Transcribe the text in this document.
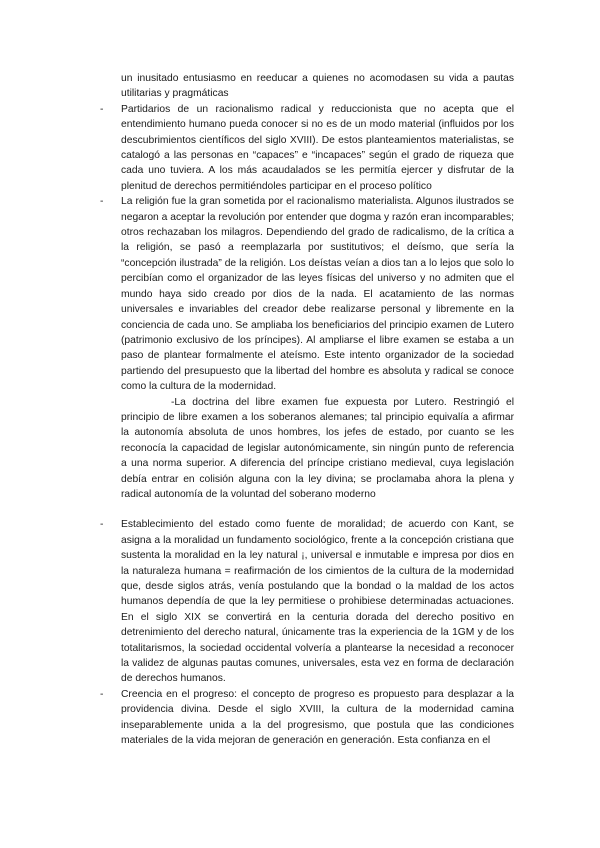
un inusitado entusiasmo en reeducar a quienes no acomodasen su vida a pautas utilitarias y pragmáticas

- Partidarios de un racionalismo radical y reduccionista que no acepta que el entendimiento humano pueda conocer si no es de un modo material (influidos por los descubrimientos científicos del siglo XVIII). De estos planteamientos materialistas, se catalogó a las personas en “capaces” e “incapaces” según el grado de riqueza que cada uno tuviera. A los más acaudalados se les permitía ejercer y disfrutar de la plenitud de derechos permitiéndoles participar en el proceso político

- La religión fue la gran sometida por el racionalismo materialista. Algunos ilustrados se negaron a aceptar la revolución por entender que dogma y razón eran incomparables; otros rechazaban los milagros. Dependiendo del grado de radicalismo, de la crítica a la religión, se pasó a reemplazarla por sustitutivos; el deísmo, que sería la “concepción ilustrada” de la religión. Los deístas veían a dios tan a lo lejos que solo lo percibían como el organizador de las leyes físicas del universo y no admiten que el mundo haya sido creado por dios de la nada. El acatamiento de las normas universales e invariables del creador debe realizarse personal y libremente en la conciencia de cada uno. Se ampliaba los beneficiarios del principio examen de Lutero (patrimonio exclusivo de los príncipes). Al ampliarse el libre examen se estaba a un paso de plantear formalmente el ateísmo. Este intento organizador de la sociedad partiendo del presupuesto que la libertad del hombre es absoluta y radical se conoce como la cultura de la modernidad.

-La doctrina del libre examen fue expuesta por Lutero. Restringió el principio de libre examen a los soberanos alemanes; tal principio equivalía a afirmar la autonomía absoluta de unos hombres, los jefes de estado, por cuanto se les reconocía la capacidad de legislar autonómicamente, sin ningún punto de referencia a una norma superior. A diferencia del príncipe cristiano medieval, cuya legislación debía entrar en colisión alguna con la ley divina; se proclamaba ahora la plena y radical autonomía de la voluntad del soberano moderno

- Establecimiento del estado como fuente de moralidad; de acuerdo con Kant, se asigna a la moralidad un fundamento sociológico, frente a la concepción cristiana que sustenta la moralidad en la ley natural ¡, universal e inmutable e impresa por dios en la naturaleza humana = reafirmación de los cimientos de la cultura de la modernidad que, desde siglos atrás, venía postulando que la bondad o la maldad de los actos humanos dependía de que la ley permitiese o prohibiese determinadas actuaciones. En el siglo XIX se convertirá en la centuria dorada del derecho positivo en detrenimiento del derecho natural, únicamente tras la experiencia de la 1GM y de los totalitarismos, la sociedad occidental volvería a plantearse la necesidad a reconocer la validez de algunas pautas comunes, universales, esta vez en forma de declaración de derechos humanos.

- Creencia en el progreso: el concepto de progreso es propuesto para desplazar a la providencia divina. Desde el siglo XVIII, la cultura de la modernidad camina inseparablemente unida a la del progresismo, que postula que las condiciones materiales de la vida mejoran de generación en generación. Esta confianza en el
